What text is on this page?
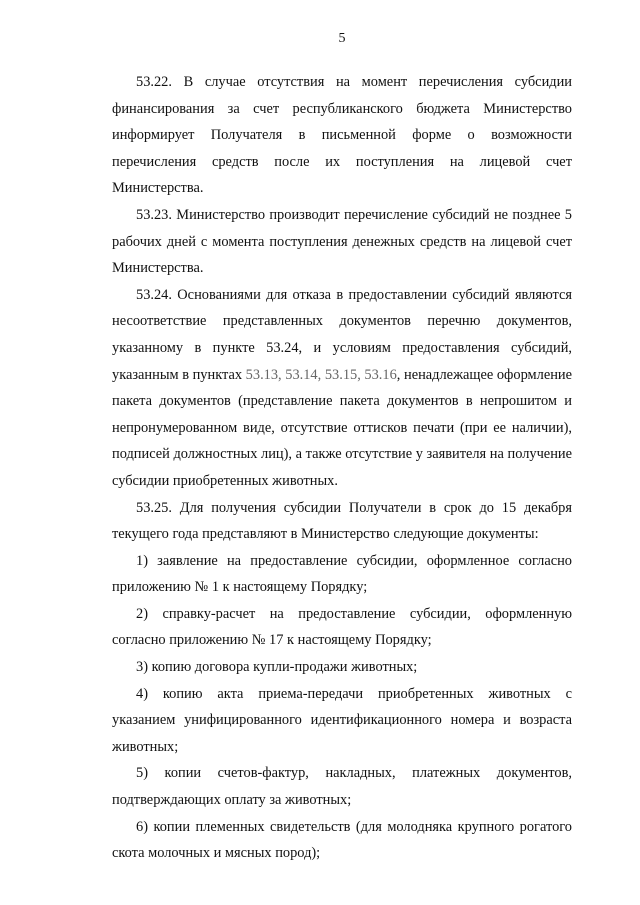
5
53.22. В случае отсутствия на момент перечисления субсидии
финансирования за счет республиканского бюджета Министерство
информирует Получателя в письменной форме о возможности
перечисления средств после их поступления на лицевой счет
Министерства.
53.23. Министерство производит перечисление субсидий не позднее 5
рабочих дней с момента поступления денежных средств на лицевой счет
Министерства.
53.24. Основаниями для отказа в предоставлении субсидий являются
несоответствие представленных документов перечню документов,
указанному в пункте 53.24, и условиям предоставления субсидий,
указанным в пунктах 53.13, 53.14, 53.15, 53.16, ненадлежащее оформление
пакета документов (представление пакета документов в непрошитом и
непронумерованном виде, отсутствие оттисков печати (при ее наличии),
подписей должностных лиц), а также отсутствие у заявителя на получение
субсидии приобретенных животных.
53.25. Для получения субсидии Получатели в срок до 15 декабря
текущего года представляют в Министерство следующие документы:
1) заявление на предоставление субсидии, оформленное согласно
приложению № 1 к настоящему Порядку;
2) справку-расчет на предоставление субсидии, оформленную
согласно приложению № 17 к настоящему Порядку;
3) копию договора купли-продажи животных;
4) копию акта приема-передачи приобретенных животных с
указанием унифицированного идентификационного номера и возраста
животных;
5) копии счетов-фактур, накладных, платежных документов,
подтверждающих оплату за животных;
6) копии племенных свидетельств (для молодняка крупного рогатого
скота молочных и мясных пород);
